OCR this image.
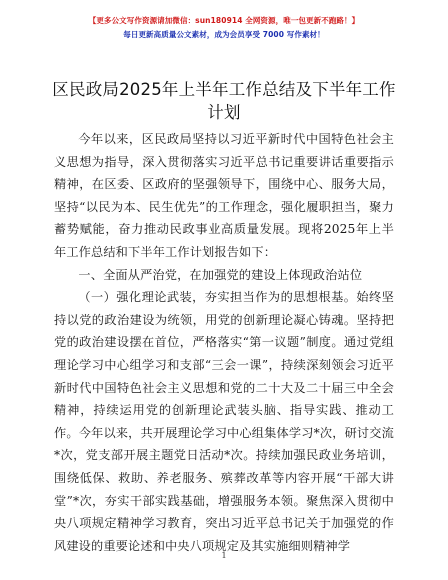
【更多公文写作资源请加微信：sun180914 全网资源，唯一包更新不跑路！】
每日更新高质量公文素材，成为会员享受 7000 写作素材！
区民政局2025年上半年工作总结及下半年工作计划

今年以来，区民政局坚持以习近平新时代中国特色社会主义思想为指导，深入贯彻落实习近平总书记重要讲话重要指示精神，在区委、区政府的坚强领导下，围绕中心、服务大局，坚持“以民为本、民生优先”的工作理念，强化履职担当，聚力蓄势赋能，奋力推动民政事业高质量发展。现将2025年上半年工作总结和下半年工作计划报告如下：

一、全面从严治党，在加强党的建设上体现政治站位

（一）强化理论武装，夯实担当作为的思想根基。始终坚持以党的政治建设为统领，用党的创新理论凝心铸魂。坚持把党的政治建设摆在首位，严格落实“第一议题”制度。通过党组理论学习中心组学习和支部“三会一课”，持续深刻领会习近平新时代中国特色社会主义思想和党的二十大及二十届三中全会精神，持续运用党的创新理论武装头脑、指导实践、推动工作。今年以来，共开展理论学习中心组集体学习*次，研讨交流*次，党支部开展主题党日活动*次。持续加强民政业务培训，围绕低保、救助、养老服务、殡葬改革等内容开展“干部大讲堂”*次，夯实干部实践基础，增强服务本领。聚焦深入贯彻中央八项规定精神学习教育，突出习近平总书记关于加强党的作风建设的重要论述和中央八项规定及其实施细则精神学

1
